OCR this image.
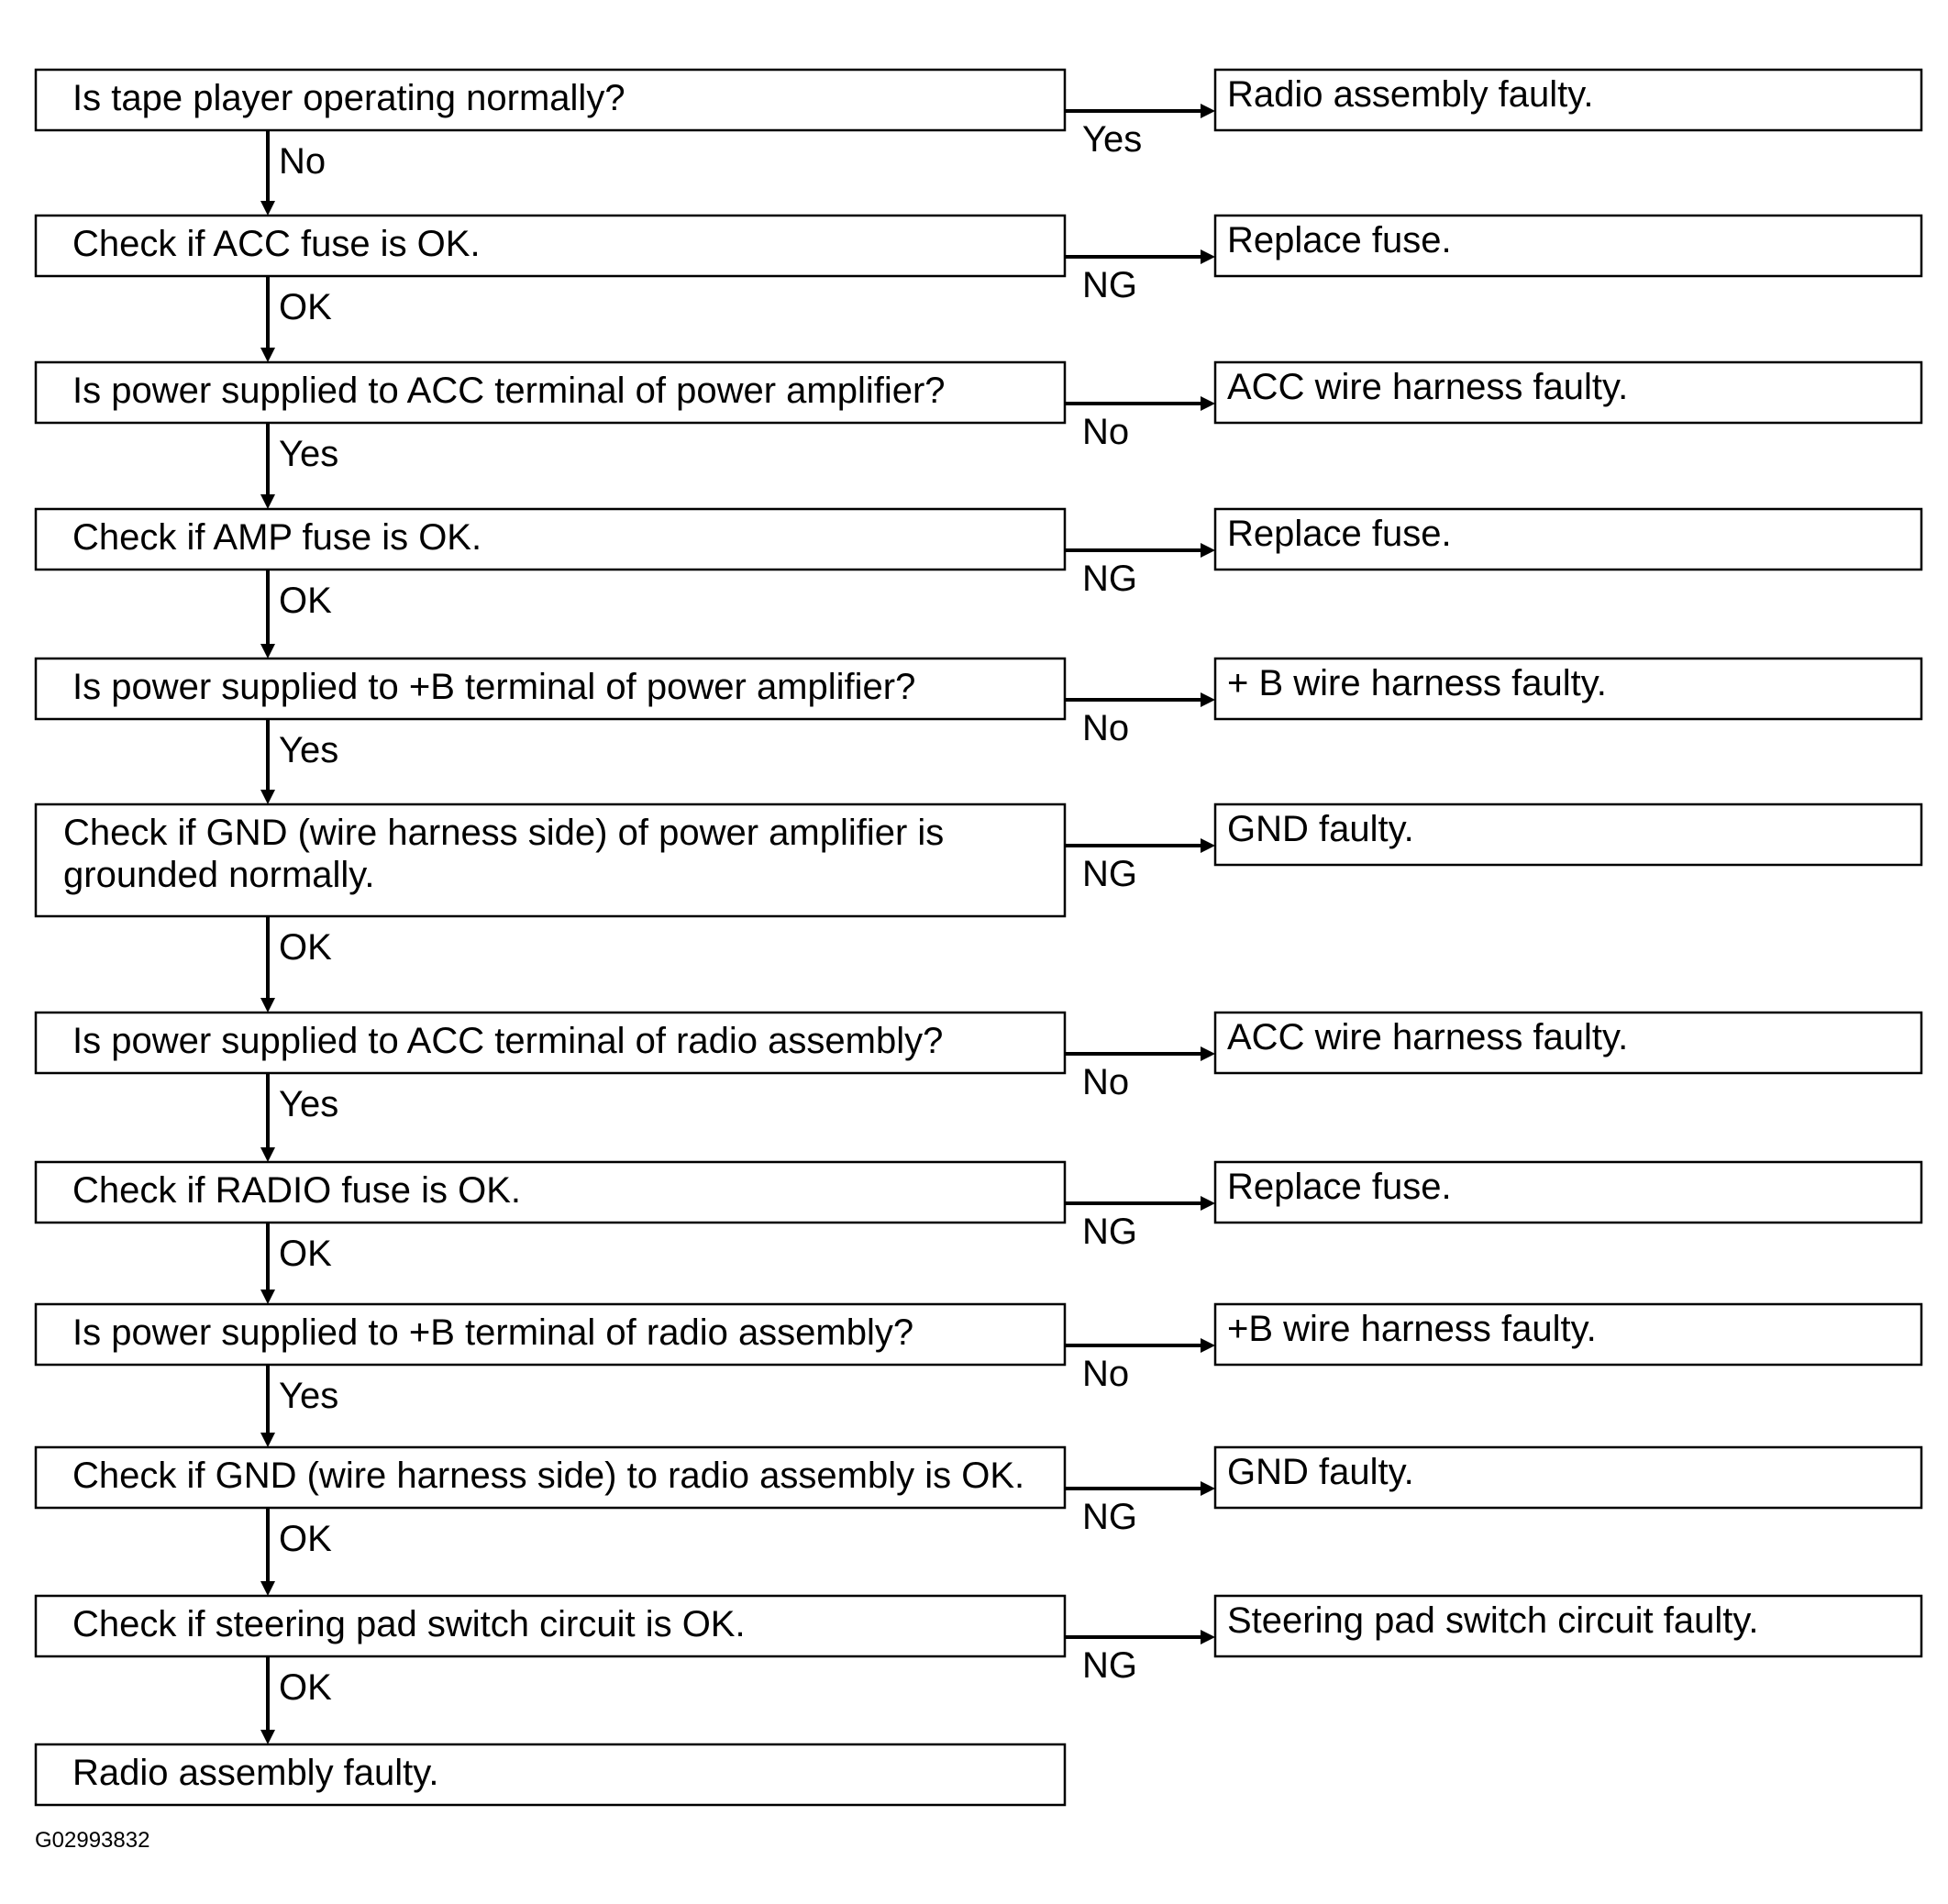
Yes
No
NG
OK
No
Yes
NG
OK
No
Yes
NG
OK
No
Yes
NG
OK
No
Yes
NG
OK
NG
OK
Is tape player operating normally?	Radio assembly faulty.
Check if ACC fuse is OK.	Replace fuse.
Is power supplied to ACC terminal of power amplifier?	ACC wire harness faulty.
Check if AMP fuse is OK.	Replace fuse.
Is power supplied to +B terminal of power amplifier?	+ B wire harness faulty.
Check if GND (wire harness side) of power amplifier is
grounded normally.
GND faulty.
Is power supplied to ACC terminal of radio assembly?	ACC wire harness faulty.
Check if RADIO fuse is OK.	Replace fuse.
Is power supplied to +B terminal of radio assembly?	+B wire harness faulty.
Check if GND (wire harness side) to radio assembly is OK.	GND faulty.
Check if steering pad switch circuit is OK.	Steering pad switch circuit faulty.
Radio assembly faulty.
G02993832
